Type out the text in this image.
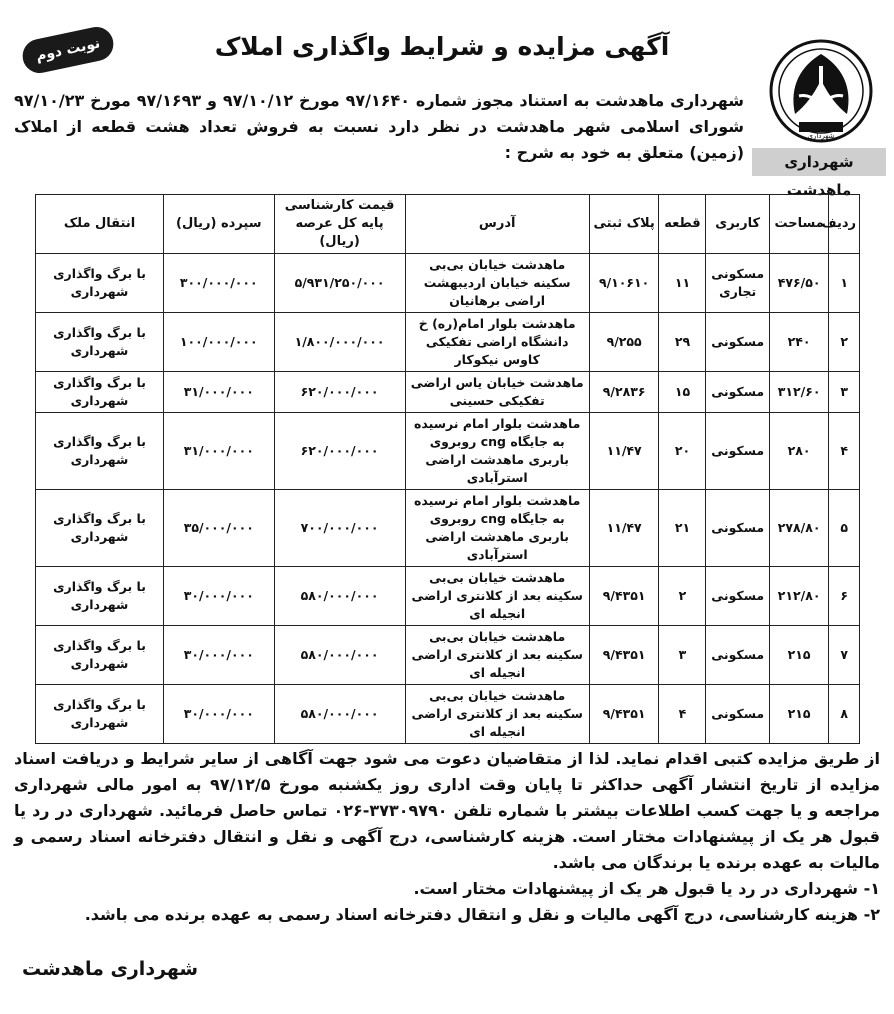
نوبت دوم
شهرداری
شهرداری ماهدشت
آگهی مزایده و شرایط واگذاری املاک
شهرداری ماهدشت به استناد مجوز شماره ۹۷/۱۶۴۰ مورخ ۹۷/۱۰/۱۲ و ۹۷/۱۶۹۳ مورخ ۹۷/۱۰/۲۳ شورای اسلامی شهر ماهدشت در نظر دارد نسبت به فروش تعداد هشت قطعه از املاک (زمین) متعلق به خود به شرح :
ردیف	مساحت	کاربری	قطعه	پلاک ثبتی	آدرس	قیمت کارشناسی پایه کل عرصه (ریال)	سپرده (ریال)	انتقال ملک
۱	۴۷۶/۵۰	مسکونی تجاری	۱۱	۹/۱۰۶۱۰	ماهدشت خیابان بی‌بی سکینه خیابان اردیبهشت اراضی برهانیان	۵/۹۳۱/۲۵۰/۰۰۰	۳۰۰/۰۰۰/۰۰۰	با برگ واگذاری شهرداری
۲	۲۴۰	مسکونی	۲۹	۹/۲۵۵	ماهدشت بلوار امام(ره) خ دانشگاه اراضی تفکیکی کاوس نیکوکار	۱/۸۰۰/۰۰۰/۰۰۰	۱۰۰/۰۰۰/۰۰۰	با برگ واگذاری شهرداری
۳	۳۱۲/۶۰	مسکونی	۱۵	۹/۲۸۳۶	ماهدشت خیابان یاس اراضی تفکیکی حسینی	۶۲۰/۰۰۰/۰۰۰	۳۱/۰۰۰/۰۰۰	با برگ واگذاری شهرداری
۴	۲۸۰	مسکونی	۲۰	۱۱/۴۷	ماهدشت بلوار امام نرسیده به جایگاه cng روبروی باربری ماهدشت اراضی استرآبادی	۶۲۰/۰۰۰/۰۰۰	۳۱/۰۰۰/۰۰۰	با برگ واگذاری شهرداری
۵	۲۷۸/۸۰	مسکونی	۲۱	۱۱/۴۷	ماهدشت بلوار امام نرسیده به جایگاه cng روبروی باربری ماهدشت اراضی استرآبادی	۷۰۰/۰۰۰/۰۰۰	۳۵/۰۰۰/۰۰۰	با برگ واگذاری شهرداری
۶	۲۱۲/۸۰	مسکونی	۲	۹/۴۳۵۱	ماهدشت خیابان بی‌بی سکینه بعد از کلانتری اراضی انجیله ای	۵۸۰/۰۰۰/۰۰۰	۳۰/۰۰۰/۰۰۰	با برگ واگذاری شهرداری
۷	۲۱۵	مسکونی	۳	۹/۴۳۵۱	ماهدشت خیابان بی‌بی سکینه بعد از کلانتری اراضی انجیله ای	۵۸۰/۰۰۰/۰۰۰	۳۰/۰۰۰/۰۰۰	با برگ واگذاری شهرداری
۸	۲۱۵	مسکونی	۴	۹/۴۳۵۱	ماهدشت خیابان بی‌بی سکینه بعد از کلانتری اراضی انجیله ای	۵۸۰/۰۰۰/۰۰۰	۳۰/۰۰۰/۰۰۰	با برگ واگذاری شهرداری

از طریق مزایده کتبی اقدام نماید. لذا از متقاضیان دعوت می شود جهت آگاهی از سایر شرایط و دریافت اسناد مزایده از تاریخ انتشار آگهی حداکثر تا پایان وقت اداری روز یکشنبه مورخ ۹۷/۱۲/۵ به امور مالی شهرداری مراجعه و یا جهت کسب اطلاعات بیشتر با شماره تلفن ۳۷۳۰۹۷۹۰-۰۲۶ تماس حاصل فرمائید. شهرداری در رد یا قبول هر یک از پیشنهادات مختار است. هزینه کارشناسی، درج آگهی و نقل و انتقال دفترخانه اسناد رسمی و مالیات به عهده برنده یا برندگان می باشد.

۱- شهرداری در رد یا قبول هر یک از پیشنهادات مختار است.

۲- هزینه کارشناسی، درج آگهی مالیات و نقل و انتقال دفترخانه اسناد رسمی به عهده برنده می باشد.

شهرداری ماهدشت
